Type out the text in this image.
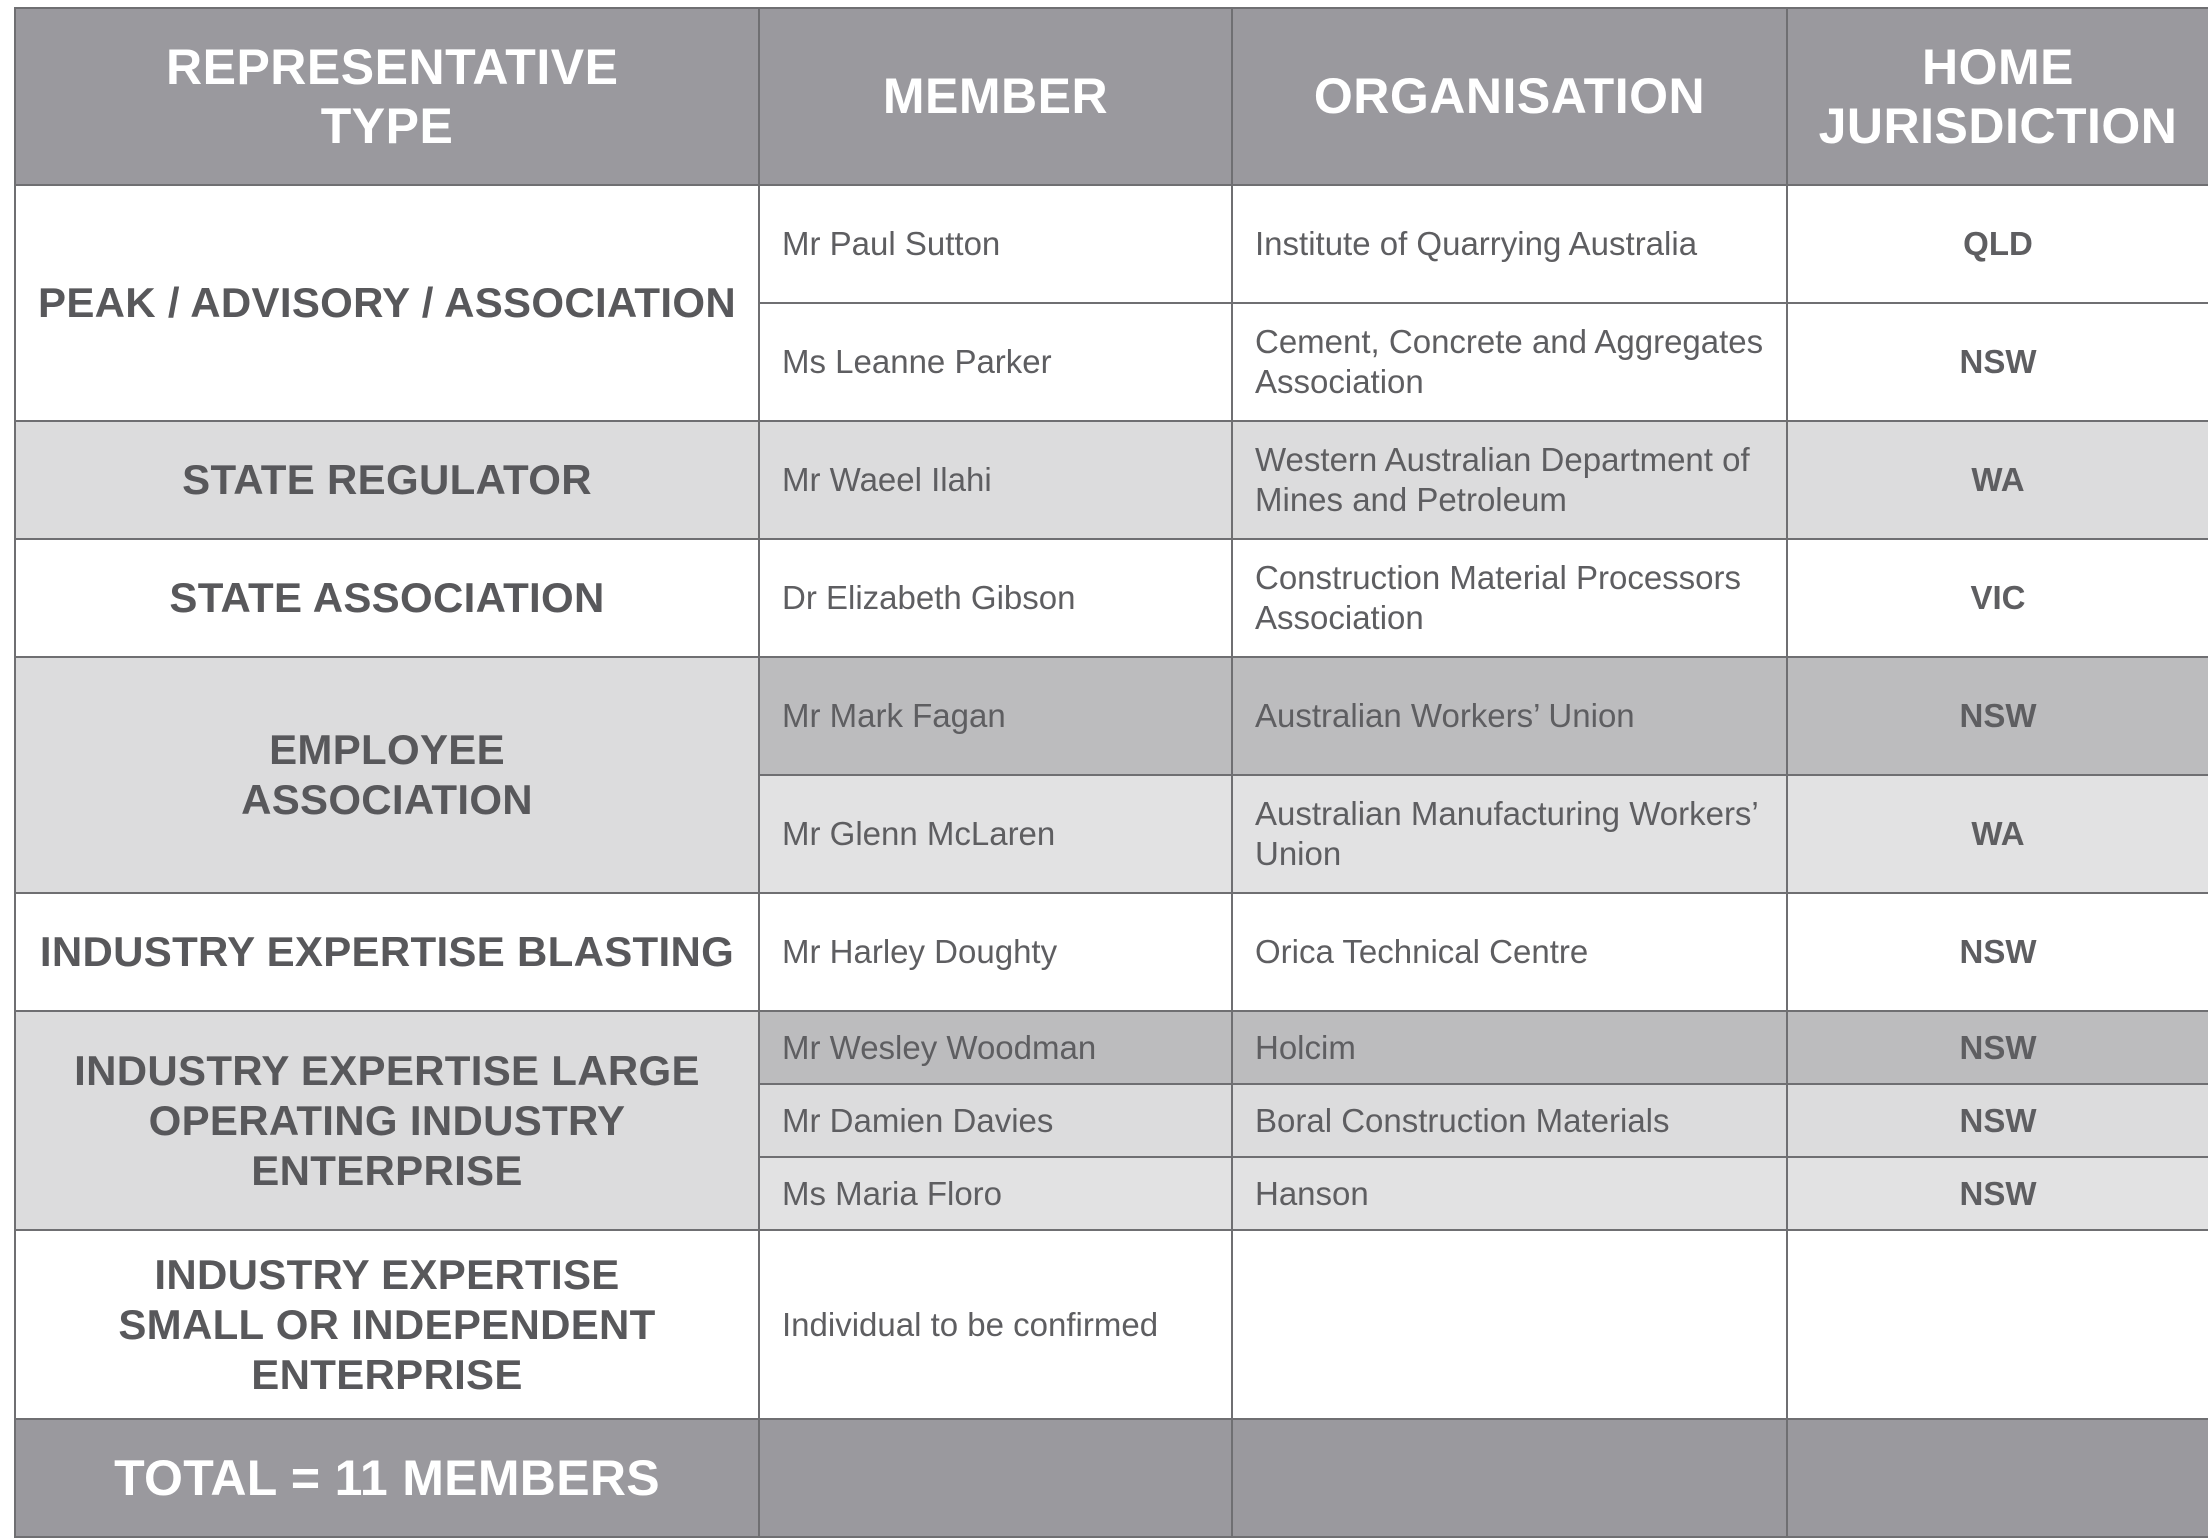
REPRESENTATIVE TYPE	MEMBER	ORGANISATION	HOME JURISDICTION
PEAK / ADVISORY / ASSOCIATION	Mr Paul Sutton	Institute of Quarrying Australia	QLD
	Ms Leanne Parker	Cement, Concrete and Aggregates Association	NSW
STATE REGULATOR	Mr Waeel Ilahi	Western Australian Department of Mines and Petroleum	WA
STATE ASSOCIATION	Dr Elizabeth Gibson	Construction Material Processors Association	VIC
EMPLOYEE ASSOCIATION	Mr Mark Fagan	Australian Workers’ Union	NSW
	Mr Glenn McLaren	Australian Manufacturing Workers’ Union	WA
INDUSTRY EXPERTISE BLASTING	Mr Harley Doughty	Orica Technical Centre	NSW
INDUSTRY EXPERTISE LARGE OPERATING INDUSTRY ENTERPRISE	Mr Wesley Woodman	Holcim	NSW
	Mr Damien Davies	Boral Construction Materials	NSW
	Ms Maria Floro	Hanson	NSW
INDUSTRY EXPERTISE SMALL OR INDEPENDENT ENTERPRISE	Individual to be confirmed		
TOTAL = 11 MEMBERS			
